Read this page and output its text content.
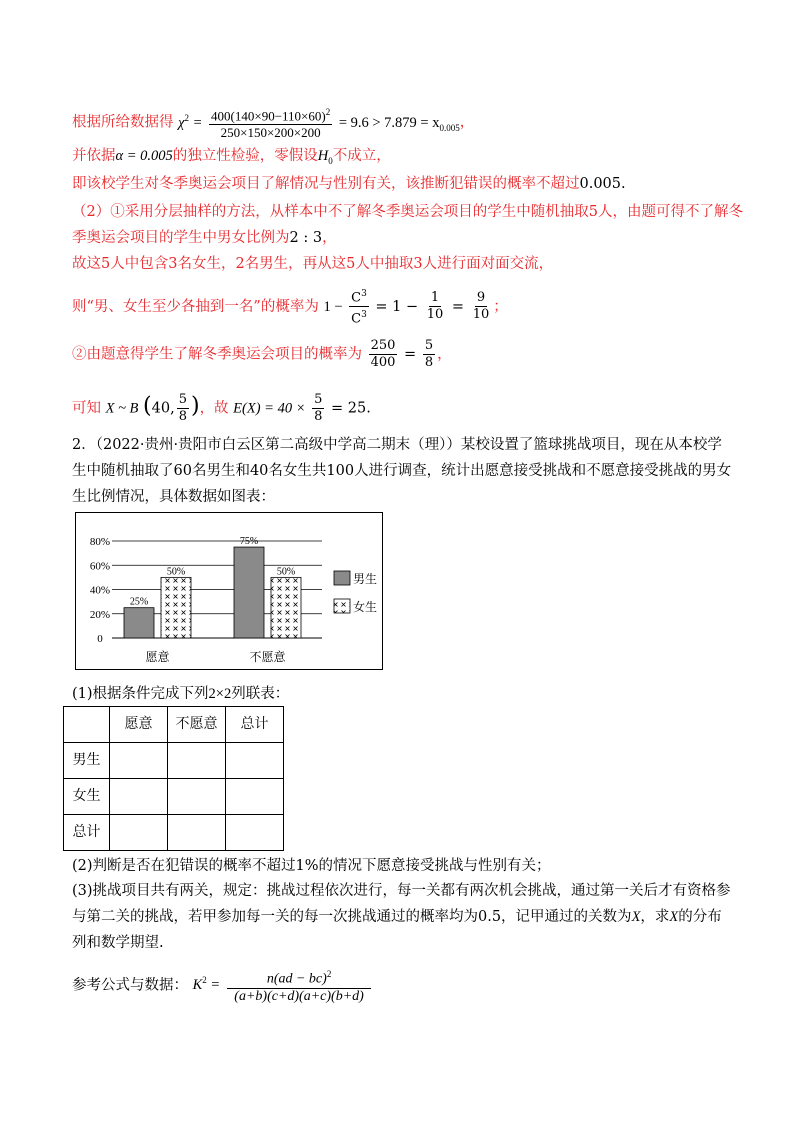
根据所给数据得 $\chi^2 = \frac{400(140\times 90-110\times 60)^2}{250\times 150\times 200\times 200} = 9.6 > 7.879 = x_{0.005}$，
并依据α = 0.005的独立性检验，零假设$H_0$不成立，
即该校学生对冬季奥运会项目了解情况与性别有关，该推断犯错误的概率不超过0.005.
（2）①采用分层抽样的方法，从样本中不了解冬季奥运会项目的学生中随机抽取5人，由题可得不了解冬
季奥运会项目的学生中男女比例为2 : 3，
故这5人中包含3名女生，2名男生，再从这5人中抽取3人进行面对面交流，
则“男、女生至少各抽到一名”的概率为 $1 - \frac{C^3}{C^3} = 1 - \frac{1}{10} = \frac{9}{10}$ ；
②由题意得学生了解冬季奥运会项目的概率为 $\frac{250}{400} = \frac{5}{8}$ ，
可知 X ~ B (40, $\frac{5}{8}$ )，故 $E(X) = 40 \times \frac{5}{8} = 25$.
2．（2022·贵州·贵阳市白云区第二高级中学高二期末（理））某校设置了篮球挑战项目，现在从本校学生中随机抽取了60名男生和40名女生共100人进行调查，统计出愿意接受挑战和不愿意接受挑战的男女生比例情况，具体数据如图表：
0
20%
40%
60%
80%
25%
50%
愿意
75%
50%
不愿意
男生
女生
(1)根据条件完成下列2×2列联表：
	愿意	不愿意	总计
男生			
女生			
总计			
(2)判断是否在犯错误的概率不超过1%的情况下愿意接受挑战与性别有关；
(3)挑战项目共有两关，规定：挑战过程依次进行，每一关都有两次机会挑战，通过第一关后才有资格参与第二关的挑战，若甲参加每一关的每一次挑战通过的概率均为0.5，记甲通过的关数为X，求X的分布列和数学期望.
参考公式与数据： $K^2 = \frac{n(ad - bc)^2}{(a+b)(c+d)(a+c)(b+d)}$
